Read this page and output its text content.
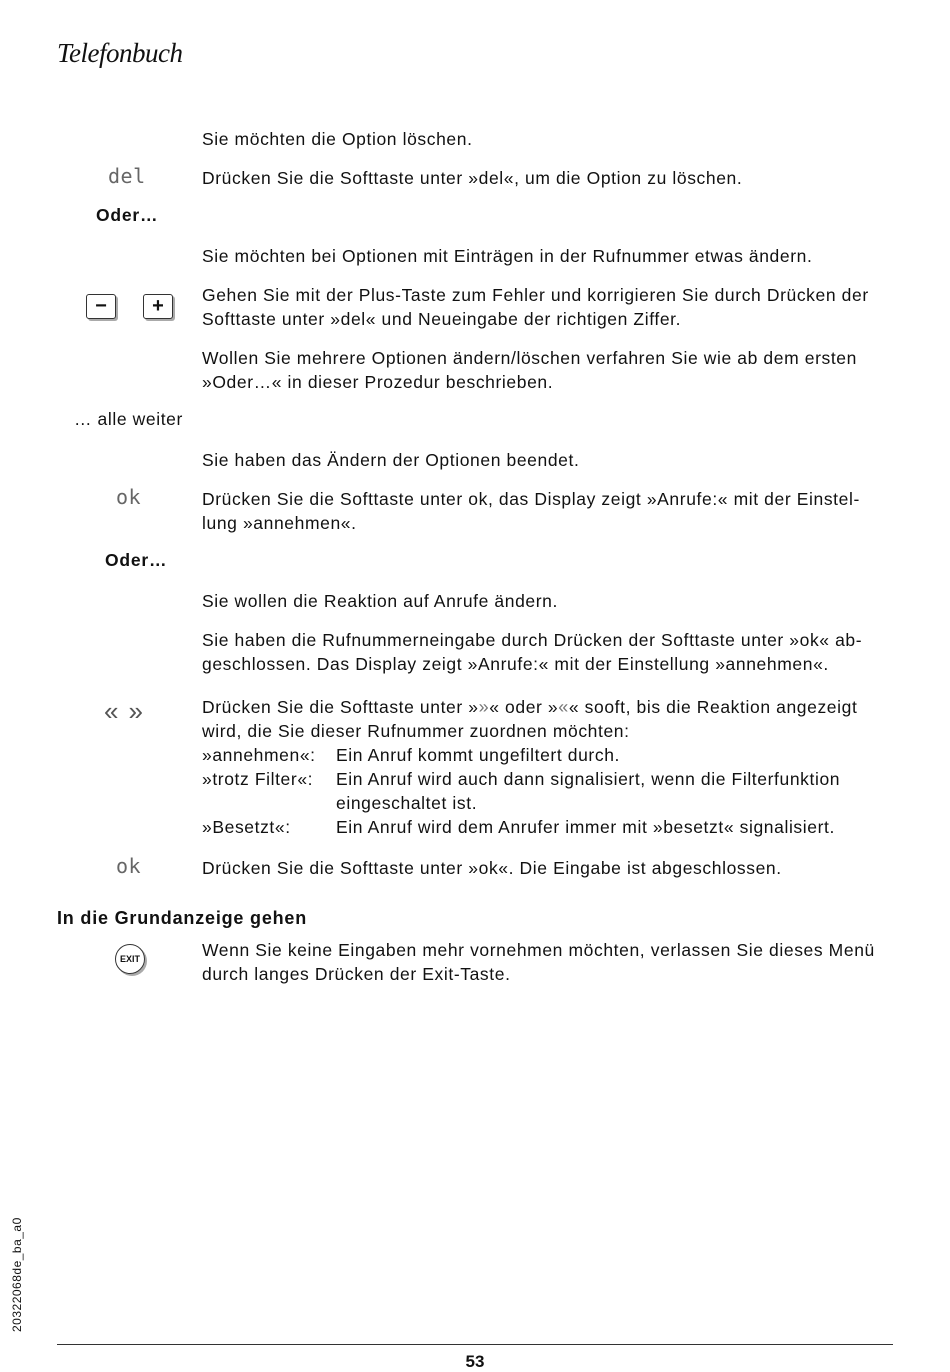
Telefonbuch
del
Oder…
− +
… alle weiter
ok
Oder…
«»
ok
Sie möchten die Option löschen.
Drücken Sie die Softtaste unter »del«, um die Option zu löschen.
Sie möchten bei Optionen mit Einträgen in der Rufnummer etwas ändern.
Gehen Sie mit der Plus-Taste zum Fehler und korrigieren Sie durch Drücken der
Softtaste unter »del« und Neueingabe der richtigen Ziffer.
Wollen Sie mehrere Optionen ändern/löschen verfahren Sie wie ab dem ersten
»Oder…« in dieser Prozedur beschrieben.
Sie haben das Ändern der Optionen beendet.
Drücken Sie die Softtaste unter ok, das Display zeigt »Anrufe:« mit der Einstel-
lung »annehmen«.
Sie wollen die Reaktion auf Anrufe ändern.
Sie haben die Rufnummerneingabe durch Drücken der Softtaste unter »ok« ab-
geschlossen. Das Display zeigt »Anrufe:« mit der Einstellung »annehmen«.
Drücken Sie die Softtaste unter »»« oder »«« sooft, bis die Reaktion angezeigt
wird, die Sie dieser Rufnummer zuordnen möchten:
»annehmen«:	Ein Anruf kommt ungefiltert durch.
»trotz Filter«:	Ein Anruf wird auch dann signalisiert, wenn die Filterfunktion
	eingeschaltet ist.
»Besetzt«:	Ein Anruf wird dem Anrufer immer mit »besetzt« signalisiert.
Drücken Sie die Softtaste unter »ok«. Die Eingabe ist abgeschlossen.
In die Grundanzeige gehen
EXIT	Wenn Sie keine Eingaben mehr vornehmen möchten, verlassen Sie dieses Menü
durch langes Drücken der Exit-Taste.
20322068de_ba_a0
53
